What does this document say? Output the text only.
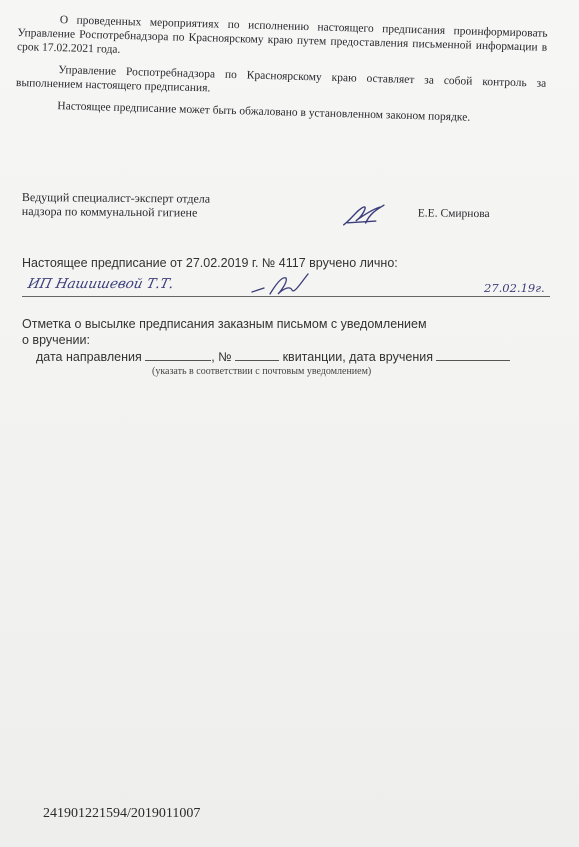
О проведенных мероприятиях по исполнению настоящего предписания проинформировать Управление Роспотребнадзора по Красноярскому краю путем предоставления письменной информации в срок 17.02.2021 года.

Управление Роспотребнадзора по Красноярскому краю оставляет за собой контроль за выполнением настоящего предписания.

Настоящее предписание может быть обжаловано в установленном законом порядке.

Ведущий специалист-эксперт отдела
надзора по коммунальной гигиене	Е.Е. Смирнова
Настоящее предписание от 27.02.2019 г. № 4117 вручено лично:
ИП Нашишевой Т.Т.	27.02.19г.
Отметка о высылке предписания заказным письмом с уведомлением
о вручении:
дата направления	, №	квитанции, дата вручения
(указать в соответствии с почтовым уведомлением)
241901221594/2019011007
